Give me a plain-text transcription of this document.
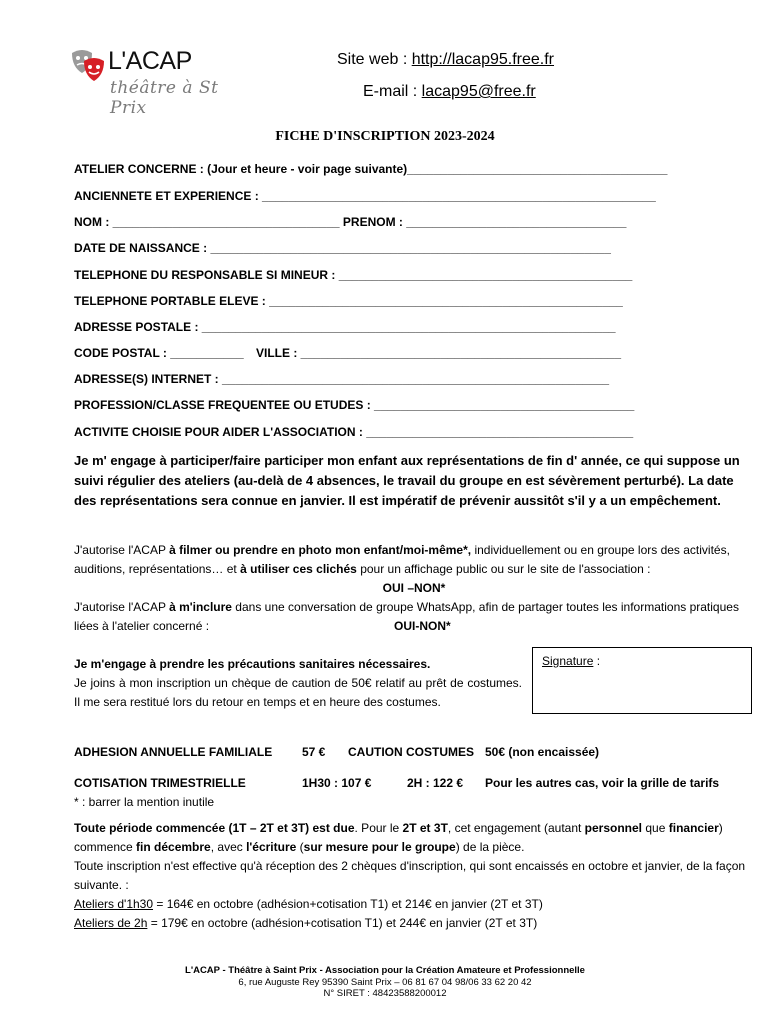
L'ACAP
théâtre à St Prix
Site web : http://lacap95.free.fr
E-mail : lacap95@free.fr
FICHE D'INSCRIPTION 2023-2024
ATELIER CONCERNE : (Jour et heure - voir page suivante)_______________________________________
ANCIENNETE ET EXPERIENCE : ___________________________________________________________
NOM : __________________________________ PRENOM : _________________________________
DATE DE NAISSANCE : ____________________________________________________________
TELEPHONE DU RESPONSABLE SI MINEUR : ____________________________________________
TELEPHONE PORTABLE ELEVE : _____________________________________________________
ADRESSE POSTALE : ______________________________________________________________
CODE POSTAL : ___________ VILLE : ________________________________________________
ADRESSE(S) INTERNET : __________________________________________________________
PROFESSION/CLASSE FREQUENTEE OU ETUDES : _______________________________________
ACTIVITE CHOISIE POUR AIDER L'ASSOCIATION : ________________________________________
Je m' engage à participer/faire participer mon enfant aux représentations de fin d' année, ce qui suppose un suivi régulier des ateliers (au-delà de 4 absences, le travail du groupe en est sévèrement perturbé). La date des représentations sera connue en janvier. Il est impératif de prévenir aussitôt s'il y a un empêchement.
J'autorise l'ACAP à filmer ou prendre en photo mon enfant/moi-même*, individuellement ou en groupe lors des activités, auditions, représentations… et à utiliser ces clichés pour un affichage public ou sur le site de l'association :
OUI –NON*
J'autorise l'ACAP à m'inclure dans une conversation de groupe WhatsApp, afin de partager toutes les informations pratiques liées à l'atelier concerné :	OUI-NON*
Je m'engage à prendre les précautions sanitaires nécessaires.
Je joins à mon inscription un chèque de caution de 50€ relatif au prêt de costumes. Il me sera restitué lors du retour en temps et en heure des costumes.
Signature :
ADHESION ANNUELLE FAMILIALE 57 € CAUTION COSTUMES 50€ (non encaissée)
COTISATION TRIMESTRIELLE	1H30 : 107 €	2H : 122 € Pour les autres cas, voir la grille de tarifs
* : barrer la mention inutile
Toute période commencée (1T – 2T et 3T) est due. Pour le 2T et 3T, cet engagement (autant personnel que financier) commence fin décembre, avec l'écriture (sur mesure pour le groupe) de la pièce.
Toute inscription n'est effective qu'à réception des 2 chèques d'inscription, qui sont encaissés en octobre et janvier, de la façon suivante. :
Ateliers d'1h30 = 164€ en octobre (adhésion+cotisation T1) et 214€ en janvier (2T et 3T)
Ateliers de 2h = 179€ en octobre (adhésion+cotisation T1) et 244€ en janvier (2T et 3T)
L'ACAP - Théâtre à Saint Prix - Association pour la Création Amateure et Professionnelle
6, rue Auguste Rey 95390 Saint Prix – 06 81 67 04 98/06 33 62 20 42
N° SIRET : 48423588200012
